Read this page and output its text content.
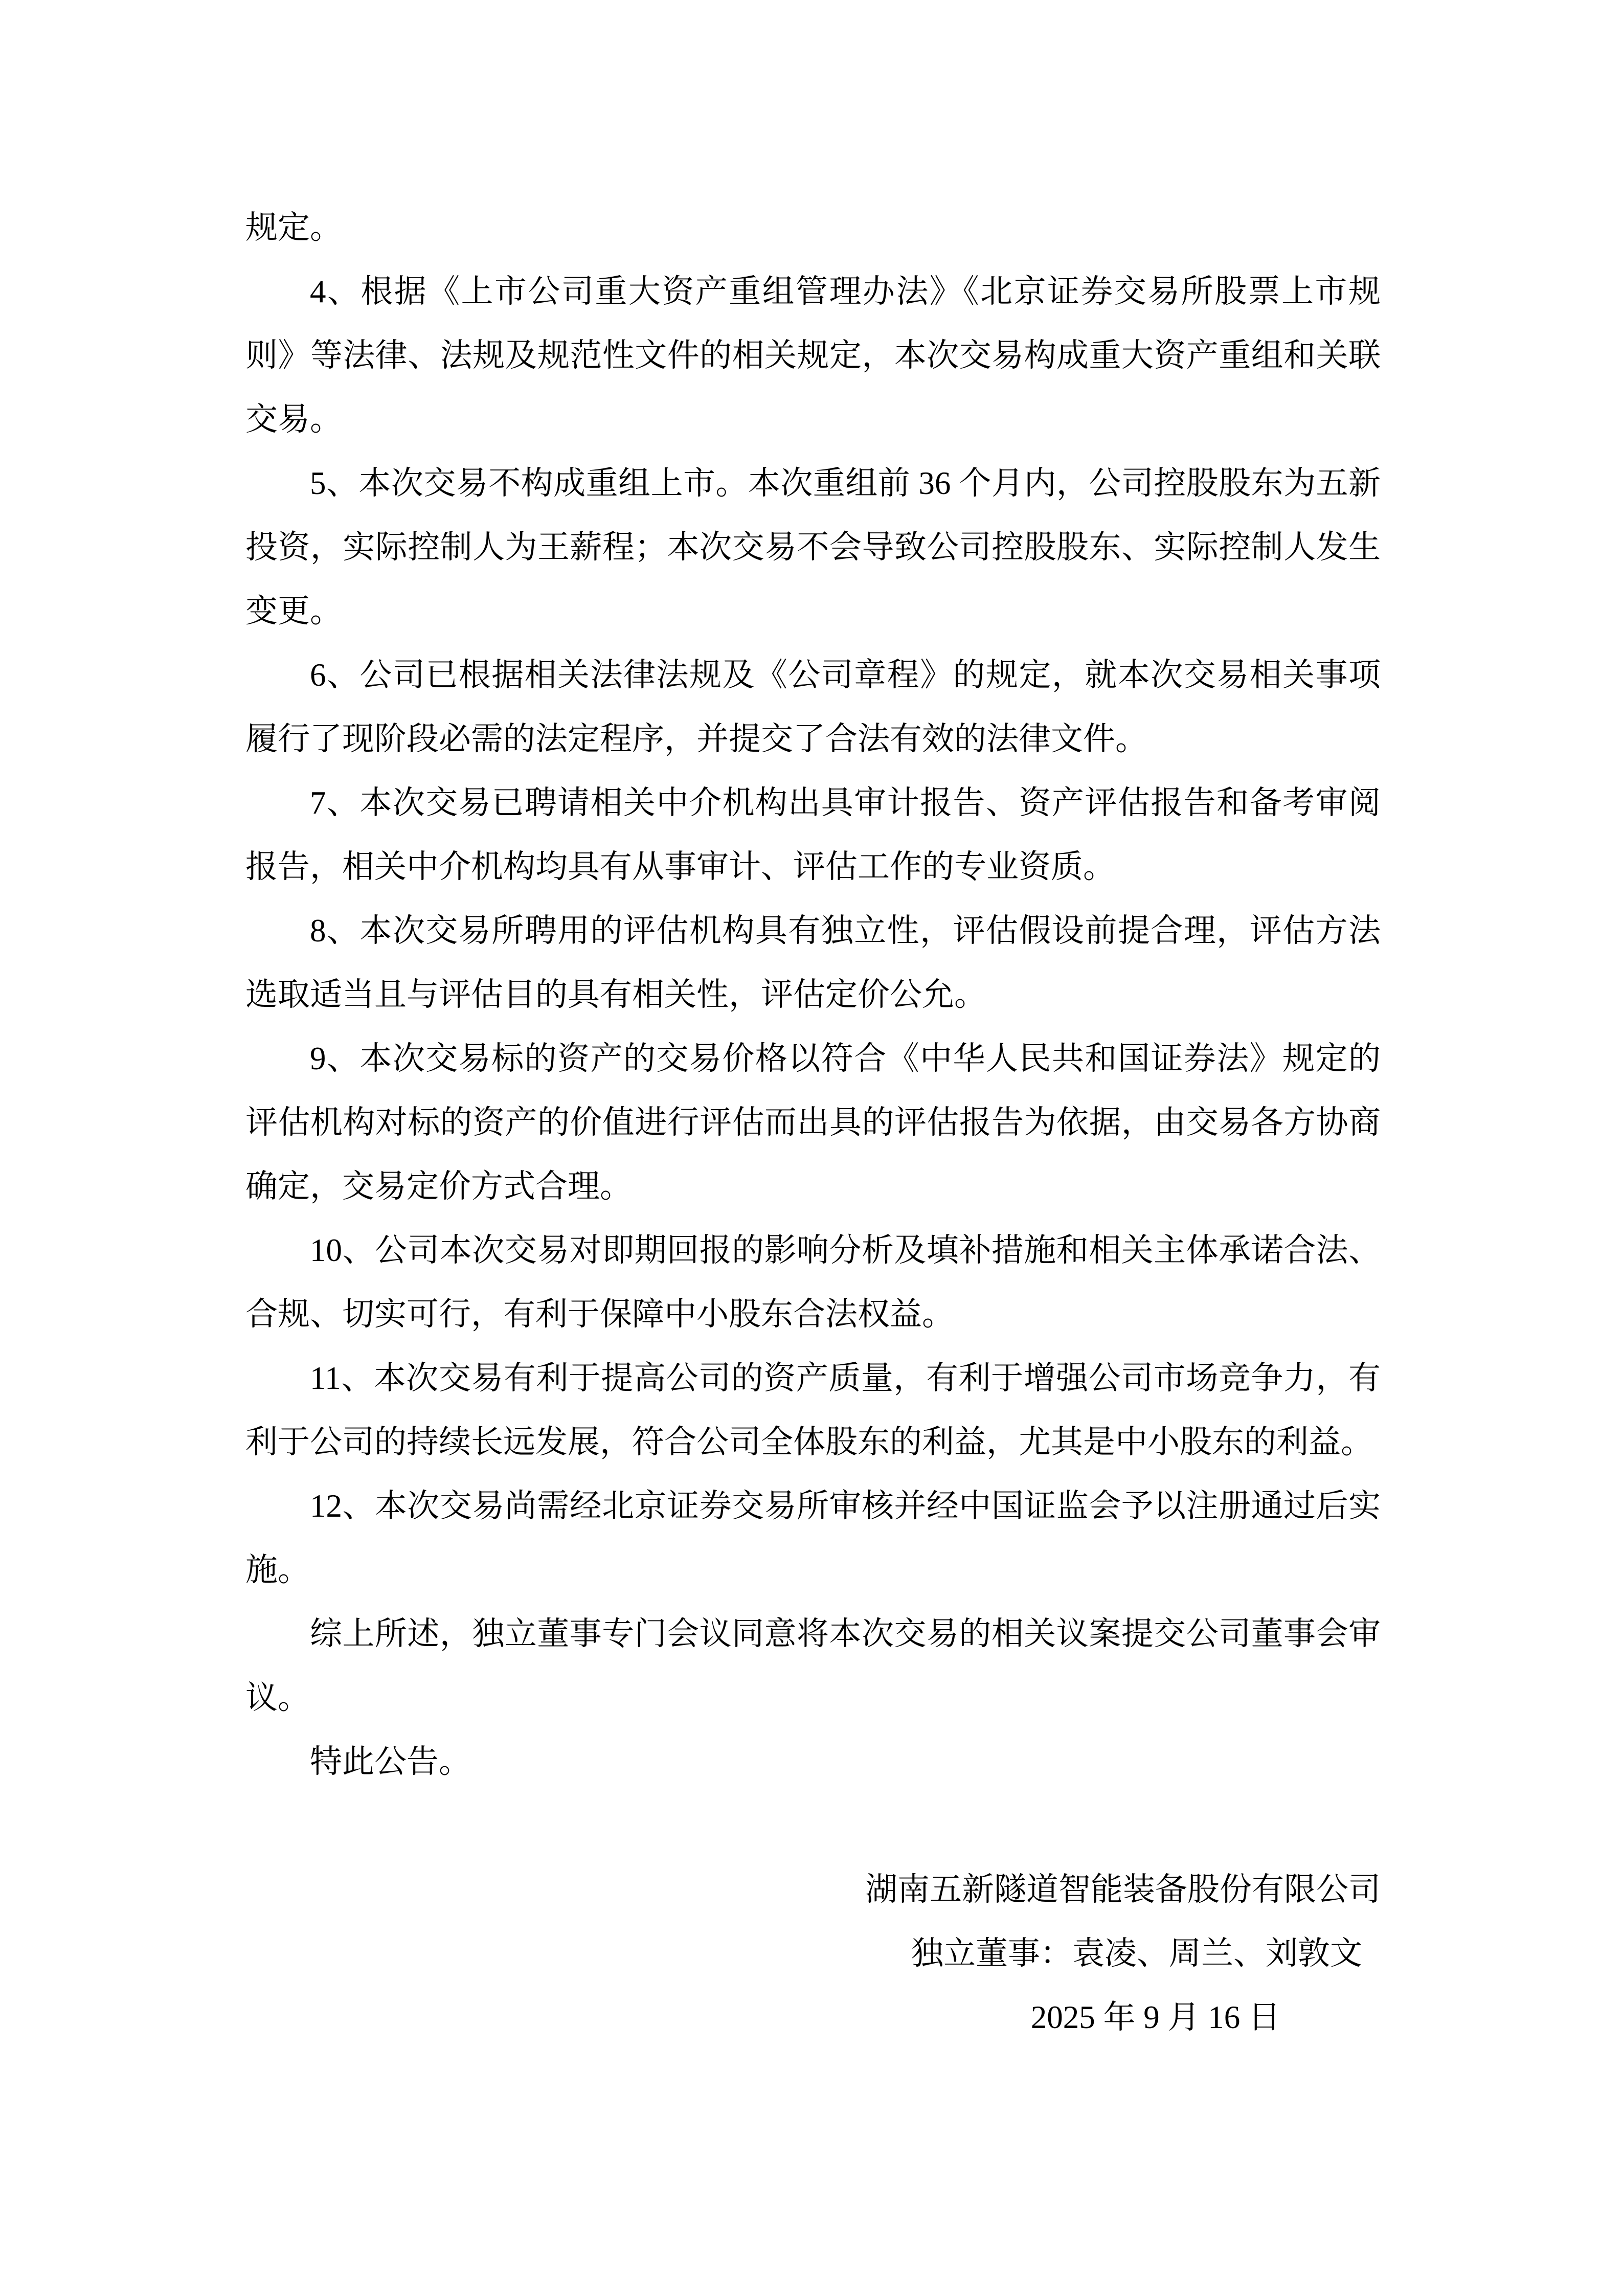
规定。

4、根据《上市公司重大资产重组管理办法》《北京证券交易所股票上市规则》等法律、法规及规范性文件的相关规定，本次交易构成重大资产重组和关联交易。

5、本次交易不构成重组上市。本次重组前 36 个月内，公司控股股东为五新投资，实际控制人为王薪程；本次交易不会导致公司控股股东、实际控制人发生变更。

6、公司已根据相关法律法规及《公司章程》的规定，就本次交易相关事项履行了现阶段必需的法定程序，并提交了合法有效的法律文件。

7、本次交易已聘请相关中介机构出具审计报告、资产评估报告和备考审阅报告，相关中介机构均具有从事审计、评估工作的专业资质。

8、本次交易所聘用的评估机构具有独立性，评估假设前提合理，评估方法选取适当且与评估目的具有相关性，评估定价公允。

9、本次交易标的资产的交易价格以符合《中华人民共和国证券法》规定的评估机构对标的资产的价值进行评估而出具的评估报告为依据，由交易各方协商确定，交易定价方式合理。

10、公司本次交易对即期回报的影响分析及填补措施和相关主体承诺合法、合规、切实可行，有利于保障中小股东合法权益。

11、本次交易有利于提高公司的资产质量，有利于增强公司市场竞争力，有利于公司的持续长远发展，符合公司全体股东的利益，尤其是中小股东的利益。

12、本次交易尚需经北京证券交易所审核并经中国证监会予以注册通过后实施。

综上所述，独立董事专门会议同意将本次交易的相关议案提交公司董事会审议。

特此公告。

湖南五新隧道智能装备股份有限公司

独立董事：袁凌、周兰、刘敦文

2025 年 9 月 16 日
